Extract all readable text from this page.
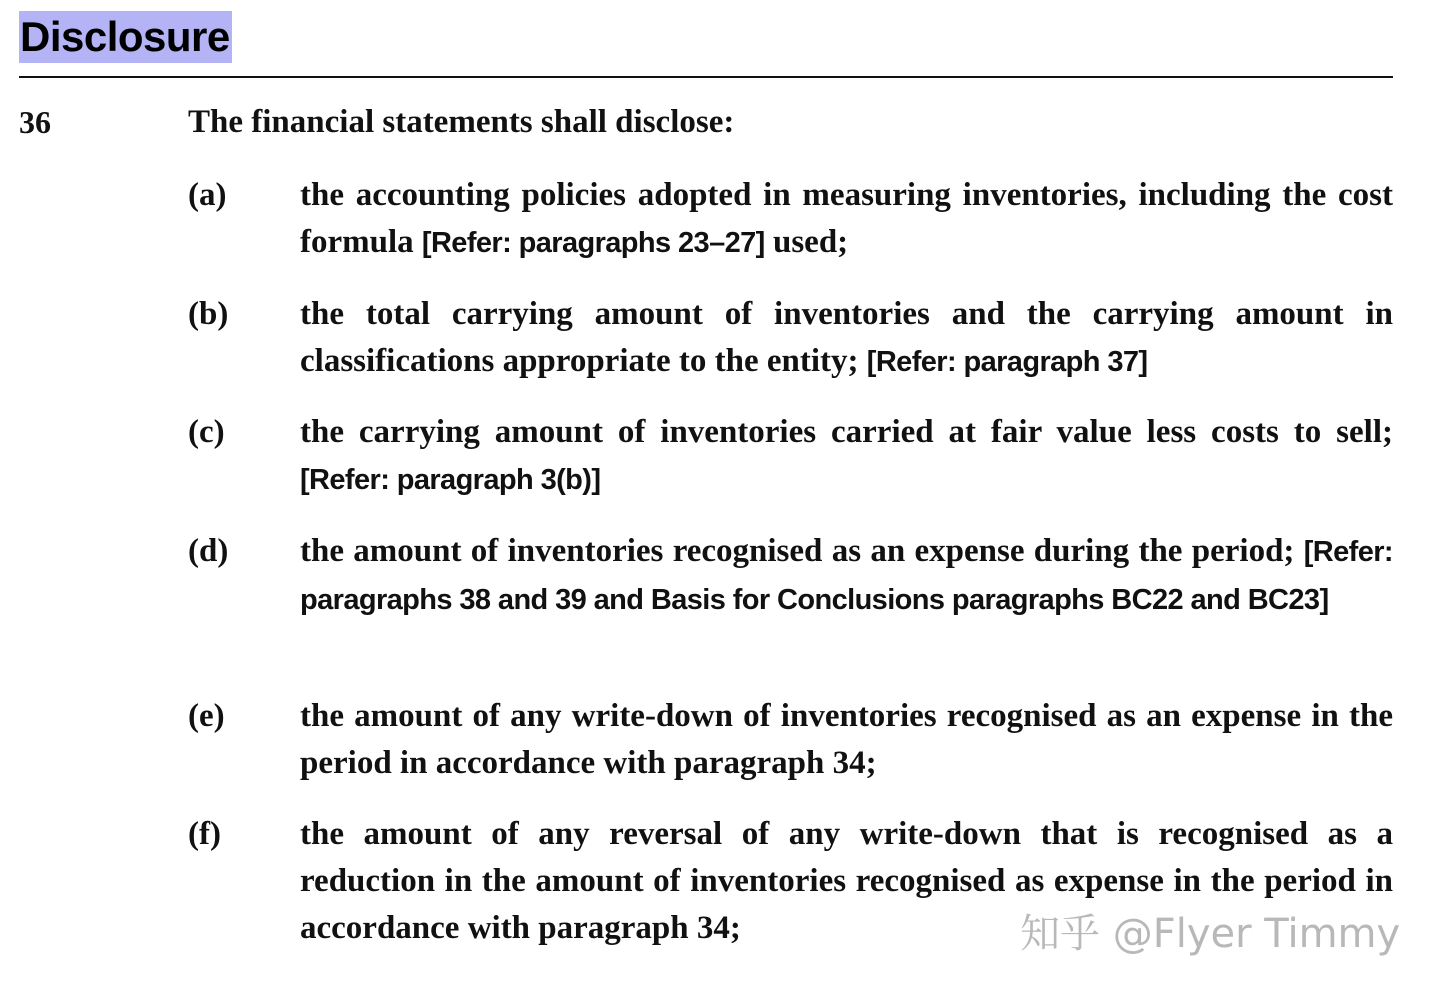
Disclosure
36	The financial statements shall disclose:
(a) the accounting policies adopted in measuring inventories, including the cost formula [Refer: paragraphs 23–27] used;
(b) the total carrying amount of inventories and the carrying amount in classifications appropriate to the entity; [Refer: paragraph 37]
(c) the carrying amount of inventories carried at fair value less costs to sell; [Refer: paragraph 3(b)]
(d) the amount of inventories recognised as an expense during the period; [Refer: paragraphs 38 and 39 and Basis for Conclusions paragraphs BC22 and BC23]
(e) the amount of any write-down of inventories recognised as an expense in the period in accordance with paragraph 34;
(f) the amount of any reversal of any write-down that is recognised as a reduction in the amount of inventories recognised as expense in the period in accordance with paragraph 34;	知乎 @Flyer Timmy
